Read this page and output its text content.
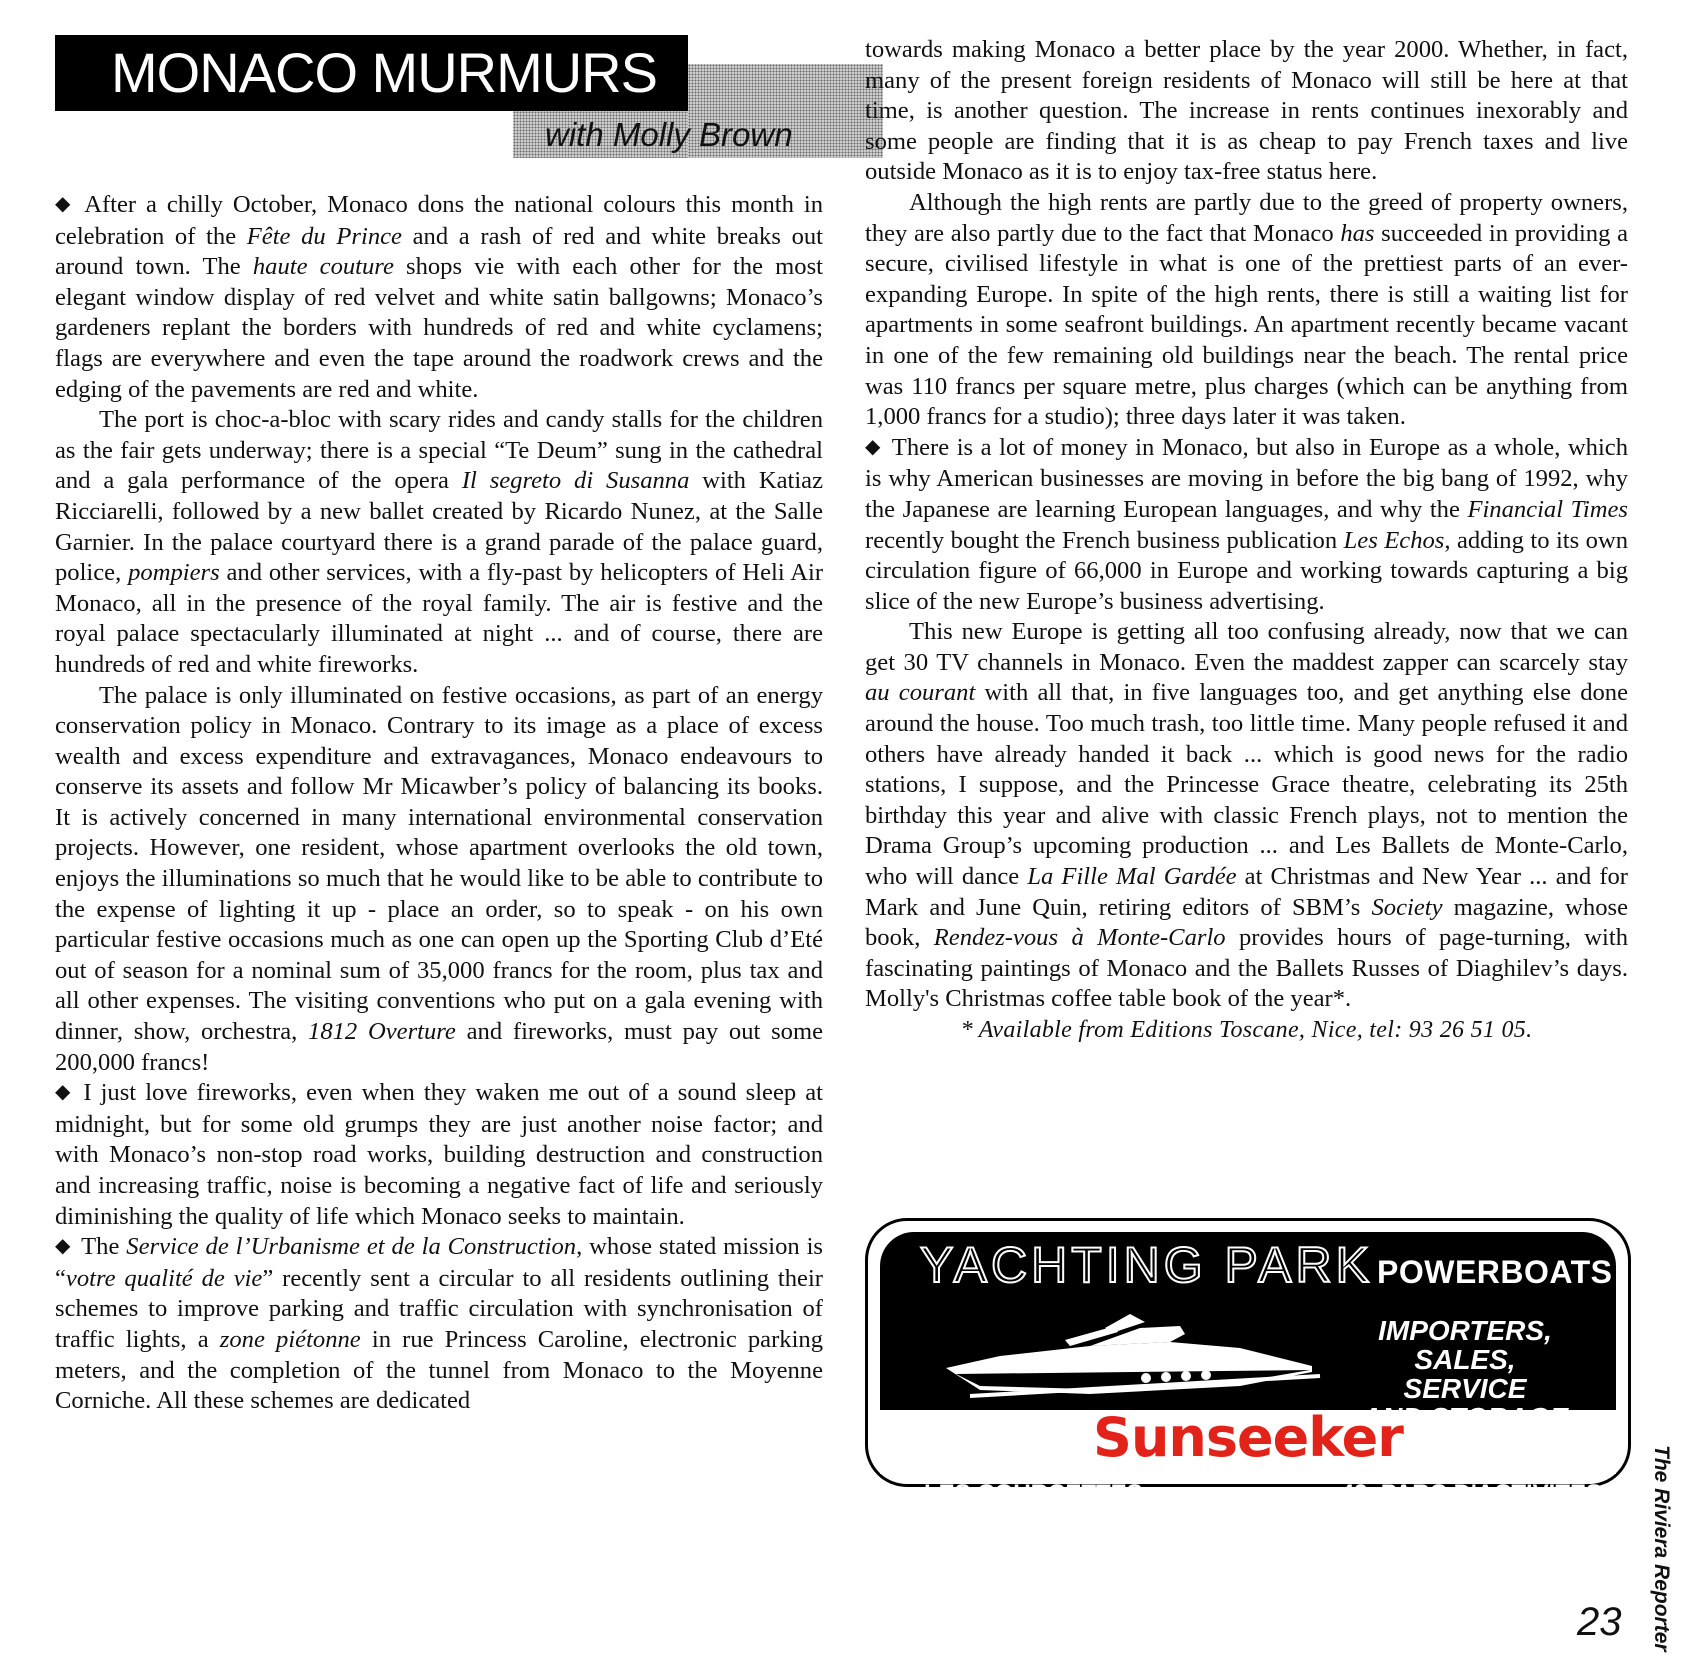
MONACO MURMURS
with Molly Brown

◆ After a chilly October, Monaco dons the national colours this month in celebration of the Fête du Prince and a rash of red and white breaks out around town. The haute couture shops vie with each other for the most elegant window display of red velvet and white satin ballgowns; Monaco’s gardeners replant the borders with hundreds of red and white cyclamens; flags are everywhere and even the tape around the roadwork crews and the edging of the pavements are red and white.

The port is choc-a-bloc with scary rides and candy stalls for the children as the fair gets underway; there is a special “Te Deum” sung in the cathedral and a gala performance of the opera Il segreto di Susanna with Katiaz Ricciarelli, followed by a new ballet created by Ricardo Nunez, at the Salle Garnier. In the palace courtyard there is a grand parade of the palace guard, police, pompiers and other services, with a fly-past by helicopters of Heli Air Monaco, all in the presence of the royal family. The air is festive and the royal palace spectacularly illuminated at night ... and of course, there are hundreds of red and white fireworks.

The palace is only illuminated on festive occasions, as part of an energy conservation policy in Monaco. Contrary to its image as a place of excess wealth and excess expenditure and extravagances, Monaco endeavours to conserve its assets and follow Mr Micawber’s policy of balancing its books. It is actively concerned in many international environmental conservation projects. However, one resident, whose apartment overlooks the old town, enjoys the illuminations so much that he would like to be able to contribute to the expense of lighting it up - place an order, so to speak - on his own particular festive occasions much as one can open up the Sporting Club d’Eté out of season for a nominal sum of 35,000 francs for the room, plus tax and all other expenses. The visiting conventions who put on a gala evening with dinner, show, orchestra, 1812 Overture and fireworks, must pay out some 200,000 francs!

◆ I just love fireworks, even when they waken me out of a sound sleep at midnight, but for some old grumps they are just another noise factor; and with Monaco’s non-stop road works, building destruction and construction and increasing traffic, noise is becoming a negative fact of life and seriously diminishing the quality of life which Monaco seeks to maintain.

◆ The Service de l’Urbanisme et de la Construction, whose stated mission is “votre qualité de vie” recently sent a circular to all residents outlining their schemes to improve parking and traffic circulation with synchronisation of traffic lights, a zone piétonne in rue Princess Caroline, electronic parking meters, and the completion of the tunnel from Monaco to the Moyenne Corniche. All these schemes are dedicated

towards making Monaco a better place by the year 2000. Whether, in fact, many of the present foreign residents of Monaco will still be here at that time, is another question. The increase in rents continues inexorably and some people are finding that it is as cheap to pay French taxes and live outside Monaco as it is to enjoy tax-free status here.

Although the high rents are partly due to the greed of property owners, they are also partly due to the fact that Monaco has succeeded in providing a secure, civilised lifestyle in what is one of the prettiest parts of an ever-expanding Europe. In spite of the high rents, there is still a waiting list for apartments in some seafront buildings. An apartment recently became vacant in one of the few remaining old buildings near the beach. The rental price was 110 francs per square metre, plus charges (which can be anything from 1,000 francs for a studio); three days later it was taken.

◆ There is a lot of money in Monaco, but also in Europe as a whole, which is why American businesses are moving in before the big bang of 1992, why the Japanese are learning European languages, and why the Financial Times recently bought the French business publication Les Echos, adding to its own circulation figure of 66,000 in Europe and working towards capturing a big slice of the new Europe’s business advertising.

This new Europe is getting all too confusing already, now that we can get 30 TV channels in Monaco. Even the maddest zapper can scarcely stay au courant with all that, in five languages too, and get anything else done around the house. Too much trash, too little time. Many people refused it and others have already handed it back ... which is good news for the radio stations, I suppose, and the Princesse Grace theatre, celebrating its 25th birthday this year and alive with classic French plays, not to mention the Drama Group’s upcoming production ... and Les Ballets de Monte-Carlo, who will dance La Fille Mal Gardée at Christmas and New Year ... and for Mark and June Quin, retiring editors of SBM’s Society magazine, whose book, Rendez-vous à Monte-Carlo provides hours of page-turning, with fascinating paintings of Monaco and the Ballets Russes of Diaghilev’s days. Molly's Christmas coffee table book of the year*.

* Available from Editions Toscane, Nice, tel: 93 26 51 05.

YACHTING PARK POWERBOATS
IMPORTERS,
SALES, SERVICE
Sunseeker
LES COURCETTES
06220 GOLFE JUAN
TEL: 93 63 85 85 FAX: 93 63 04 37
42, PARC D'ACTIVITES
83310 GRIMAUD
TEL: 94 43 20 24 The Riviera Reporter
23
